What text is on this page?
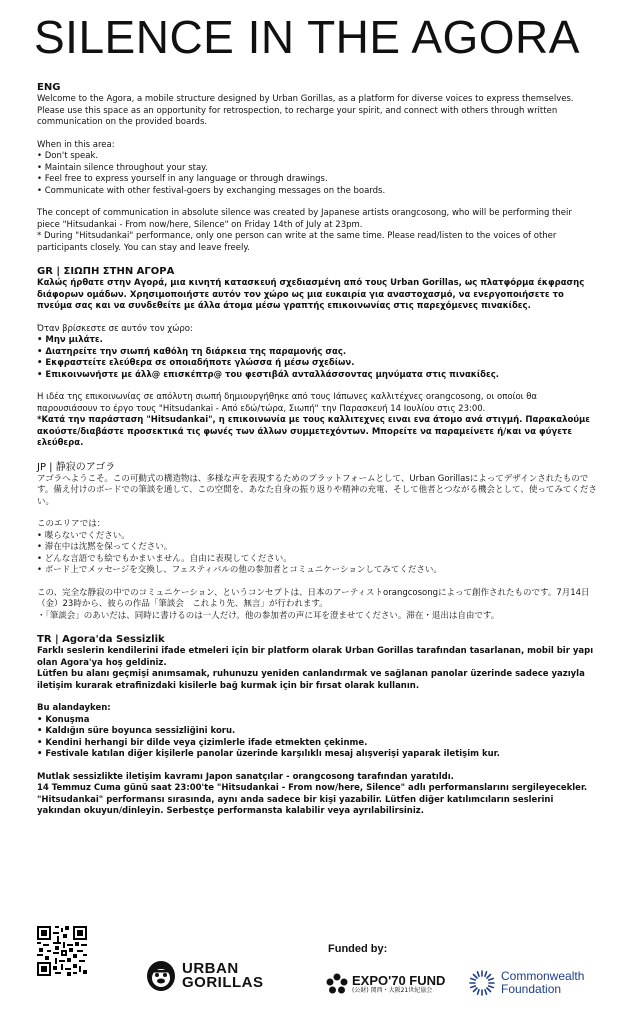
SILENCE IN THE AGORA

ENG

Welcome to the Agora, a mobile structure designed by Urban Gorillas, as a platform for diverse voices to express themselves. Please use this space as an opportunity for retrospection, to recharge your spirit, and connect with others through written communication on the provided boards.

When in this area:

• Don't speak.
• Maintain silence throughout your stay.
• Feel free to express yourself in any language or through drawings.
• Communicate with other festival-goers by exchanging messages on the boards.

The concept of communication in absolute silence was created by Japanese artists orangcosong, who will be performing their piece "Hitsudankai - From now/here, Silence" on Friday 14th of July at 23pm.

* During "Hitsudankai" performance, only one person can write at the same time. Please read/listen to the voices of other participants closely. You can stay and leave freely.

GR | ΣΙΩΠΗ ΣΤΗΝ ΑΓΟΡΑ

Καλώς ήρθατε στην Αγορά, μια κινητή κατασκευή σχεδιασμένη από τους Urban Gorillas, ως πλατφόρμα έκφρασης διάφορων ομάδων. Χρησιμοποιήστε αυτόν τον χώρο ως μια ευκαιρία για αναστοχασμό, να ενεργοποιήσετε το πνεύμα σας και να συνδεθείτε με άλλα άτομα μέσω γραπτής επικοινωνίας στις παρεχόμενες πινακίδες.

Όταν βρίσκεστε σε αυτόν τον χώρο:

• Μην μιλάτε.
• Διατηρείτε την σιωπή καθόλη τη διάρκεια της παραμονής σας.
• Εκφραστείτε ελεύθερα σε οποιαδήποτε γλώσσα ή μέσω σχεδίων.
• Επικοινωνήστε με άλλ@ επισκέπτρ@ του φεστιβάλ ανταλλάσσοντας μηνύματα στις πινακίδες.

Η ιδέα της επικοινωνίας σε απόλυτη σιωπή δημιουργήθηκε από τους Ιάπωνες καλλιτέχνες orangcosong, οι οποίοι θα παρουσιάσουν το έργο τους "Hitsudankai - Από εδώ/τώρα, Σιωπή" την Παρασκευή 14 Ιουλίου στις 23:00.

*Κατά την παράσταση "Hitsudankai", η επικοινωνία με τους καλλιτεχνες ειναι ενα άτομο ανά στιγμή. Παρακαλούμε ακούστε/διαβάστε προσεκτικά τις φωνές των άλλων συμμετεχόντων. Μπορείτε να παραμείνετε ή/και να φύγετε ελεύθερα.

JP | 静寂のアゴラ

アゴラへようこそ。この可動式の構造物は、多様な声を表現するためのプラットフォームとして、Urban Gorillasによってデザインされたものです。備え付けのボードでの筆談を通して、この空間を、あなた自身の振り返りや精神の充電、そして他者とつながる機会として、使ってみてください。

このエリアでは：

• 喋らないでください。
• 滞在中は沈黙を保ってください。
• どんな言語でも絵でもかまいません。自由に表現してください。
• ボード上でメッセージを交換し、フェスティバルの他の参加者とコミュニケーションしてみてください。

この、完全な静寂の中でのコミュニケーション、というコンセプトは、日本のアーティストorangcosongによって創作されたものです。7月14日（金）23時から、彼らの作品「筆談会　これより先、無言」が行われます。

・「筆談会」のあいだは、同時に書けるのは一人だけ。他の参加者の声に耳を澄ませてください。滞在・退出は自由です。

TR | Agora'da Sessizlik

Farklı seslerin kendilerini ifade etmeleri için bir platform olarak Urban Gorillas tarafından tasarlanan, mobil bir yapı olan Agora'ya hoş geldiniz.

Lütfen bu alanı geçmişi anımsamak, ruhunuzu yeniden canlandırmak ve sağlanan panolar üzerinde sadece yazıyla iletişim kurarak etrafinizdaki kisilerle bağ kurmak için bir fırsat olarak kullanın.

Bu alandayken:

• Konuşma
• Kaldığın süre boyunca sessizliğini koru.
• Kendini herhangi bir dilde veya çizimlerle ifade etmekten çekinme.
• Festivale katılan diğer kişilerle panolar üzerinde karşılıklı mesaj alışverişi yaparak iletişim kur.

Mutlak sessizlikte iletişim kavramı Japon sanatçılar - orangcosong tarafından yaratıldı.

14 Temmuz Cuma günü saat 23:00'te "Hitsudankai - From now/here, Silence" adlı performanslarını sergileyecekler.

"Hitsudankai" performansı sırasında, aynı anda sadece bir kişi yazabilir. Lütfen diğer katılımcıların seslerini yakından okuyun/dinleyin. Serbestçe performansta kalabilir veya ayrılabilirsiniz.

URBAN
GORILLAS
Funded by:
EXPO'70 FUND
(公財) 関西・大阪21世紀協会
Commonwealth
Foundation
